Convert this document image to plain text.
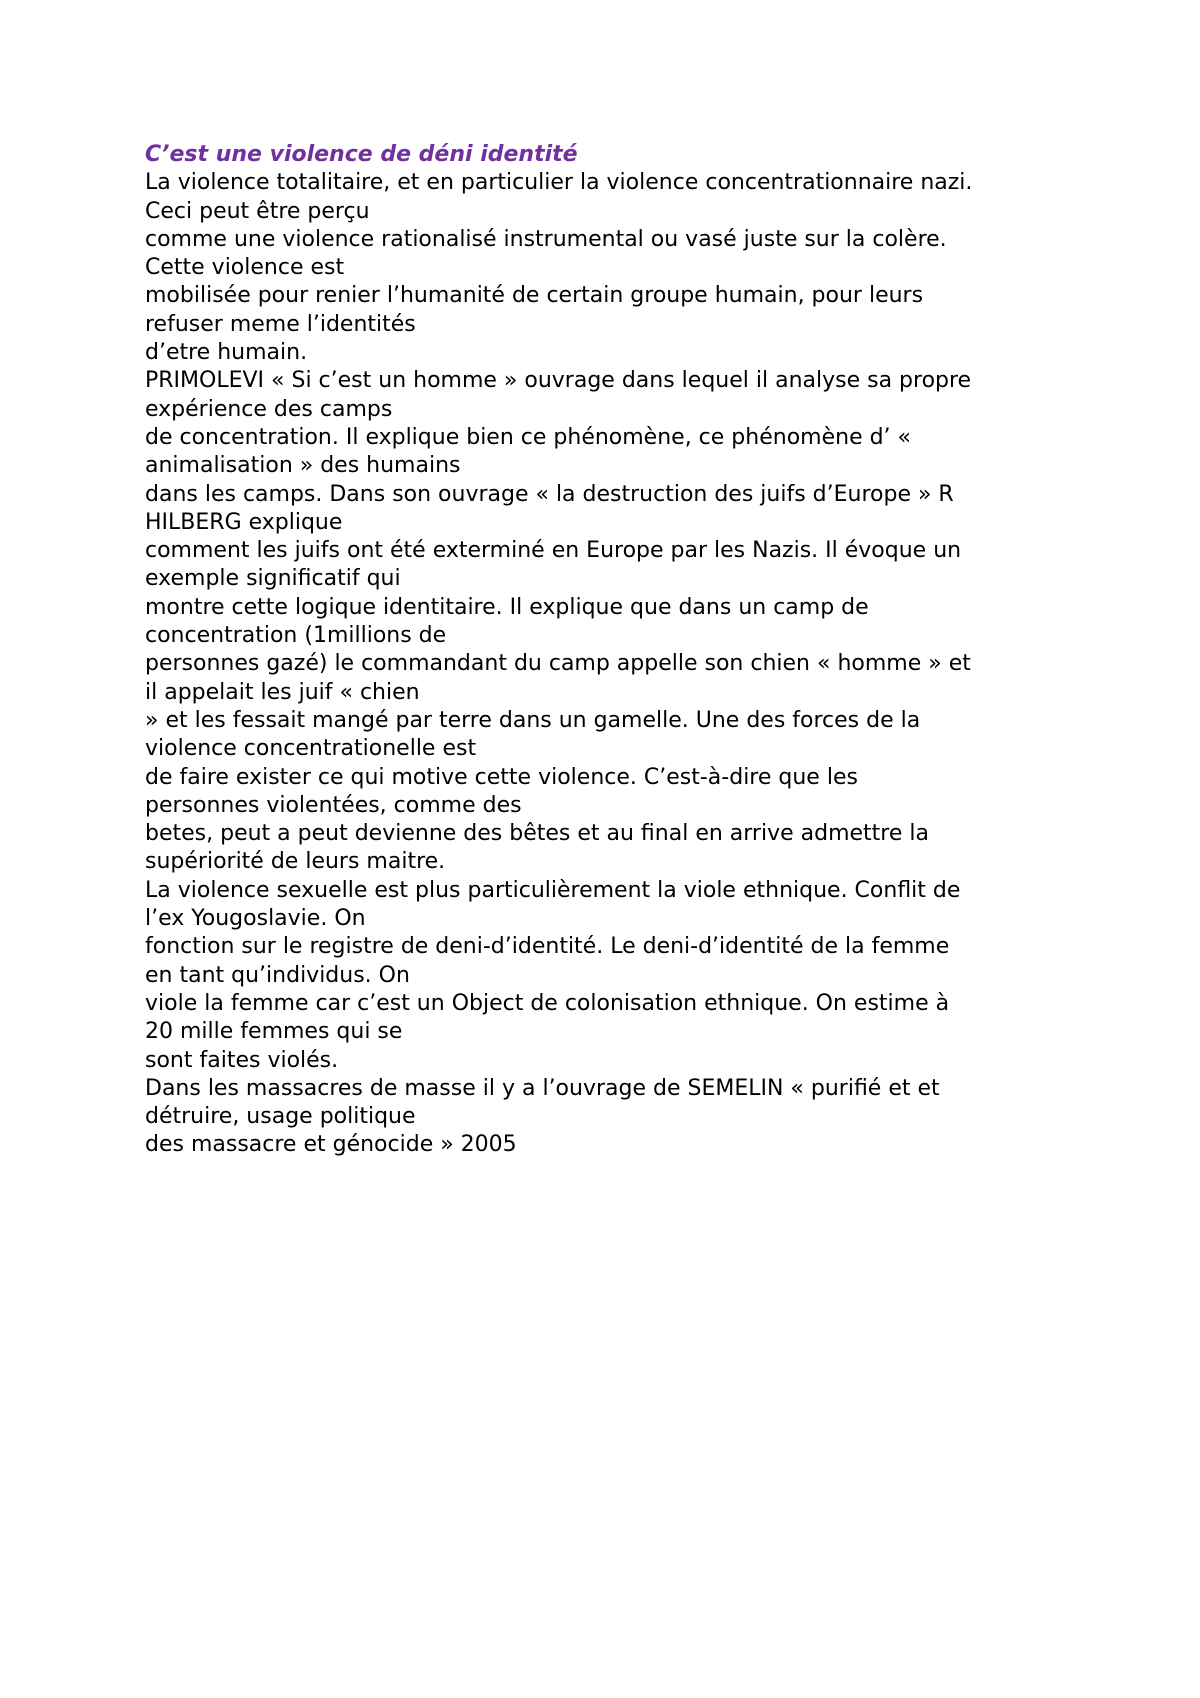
C’est une violence de déni identité

La violence totalitaire, et en particulier la violence concentrationnaire nazi.

Ceci peut être perçu

comme une violence rationalisé instrumental ou vasé juste sur la colère.

Cette violence est

mobilisée pour renier l’humanité de certain groupe humain, pour leurs

refuser meme l’identités

d’etre humain.

PRIMOLEVI « Si c’est un homme » ouvrage dans lequel il analyse sa propre

expérience des camps

de concentration. Il explique bien ce phénomène, ce phénomène d’ «

animalisation » des humains

dans les camps. Dans son ouvrage « la destruction des juifs d’Europe » R

HILBERG explique

comment les juifs ont été exterminé en Europe par les Nazis. Il évoque un

exemple significatif qui

montre cette logique identitaire. Il explique que dans un camp de

concentration (1millions de

personnes gazé) le commandant du camp appelle son chien « homme » et

il appelait les juif « chien

» et les fessait mangé par terre dans un gamelle. Une des forces de la

violence concentrationelle est

de faire exister ce qui motive cette violence. C’est-à-dire que les

personnes violentées, comme des

betes, peut a peut devienne des bêtes et au final en arrive admettre la

supériorité de leurs maitre.

La violence sexuelle est plus particulièrement la viole ethnique. Conflit de

l’ex Yougoslavie. On

fonction sur le registre de deni-d’identité. Le deni-d’identité de la femme

en tant qu’individus. On

viole la femme car c’est un Object de colonisation ethnique. On estime à

20 mille femmes qui se

sont faites violés.

Dans les massacres de masse il y a l’ouvrage de SEMELIN « purifié et et

détruire, usage politique

des massacre et génocide » 2005
